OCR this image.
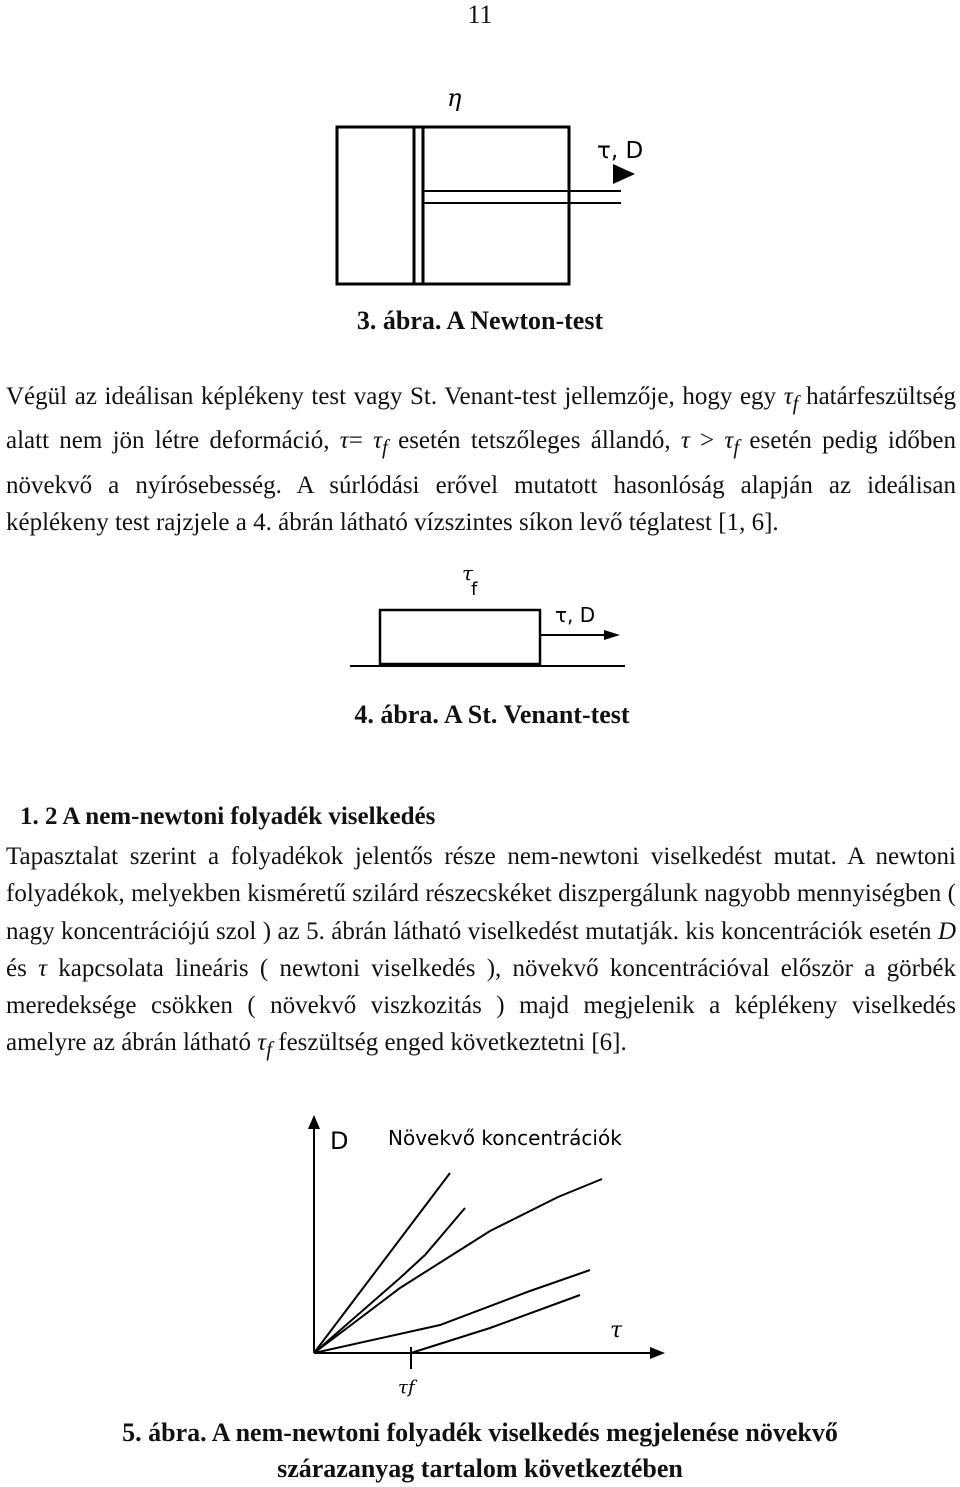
11
η
τ, D
3. ábra. A Newton-test

Végül az ideálisan képlékeny test vagy St. Venant-test jellemzője, hogy egy $\tau_f$ határfeszültség alatt nem jön létre deformáció, $\tau= \tau_f$ esetén tetszőleges állandó, $\tau > \tau_f$ esetén pedig időben növekvő a nyírósebesség. A súrlódási erővel mutatott hasonlóság alapján az ideálisan képlékeny test rajzjele a 4. ábrán látható vízszintes síkon levő téglatest [1, 6].

τ
f
τ, D
4. ábra. A St. Venant-test
1. 2 A nem-newtoni folyadék viselkedés

Tapasztalat szerint a folyadékok jelentős része nem-newtoni viselkedést mutat. A newtoni folyadékok, melyekben kisméretű szilárd részecskéket diszpergálunk nagyobb mennyiségben ( nagy koncentrációjú szol ) az 5. ábrán látható viselkedést mutatják. kis koncentrációk esetén D és τ kapcsolata lineáris ( newtoni viselkedés ), növekvő koncentrációval először a görbék meredeksége csökken ( növekvő viszkozitás ) majd megjelenik a képlékeny viselkedés amelyre az ábrán látható $\tau_f$ feszültség enged következtetni [6].

D Növekvő koncentrációk
τ
τf
5. ábra. A nem-newtoni folyadék viselkedés megjelenése növekvő
szárazanyag tartalom következtében
